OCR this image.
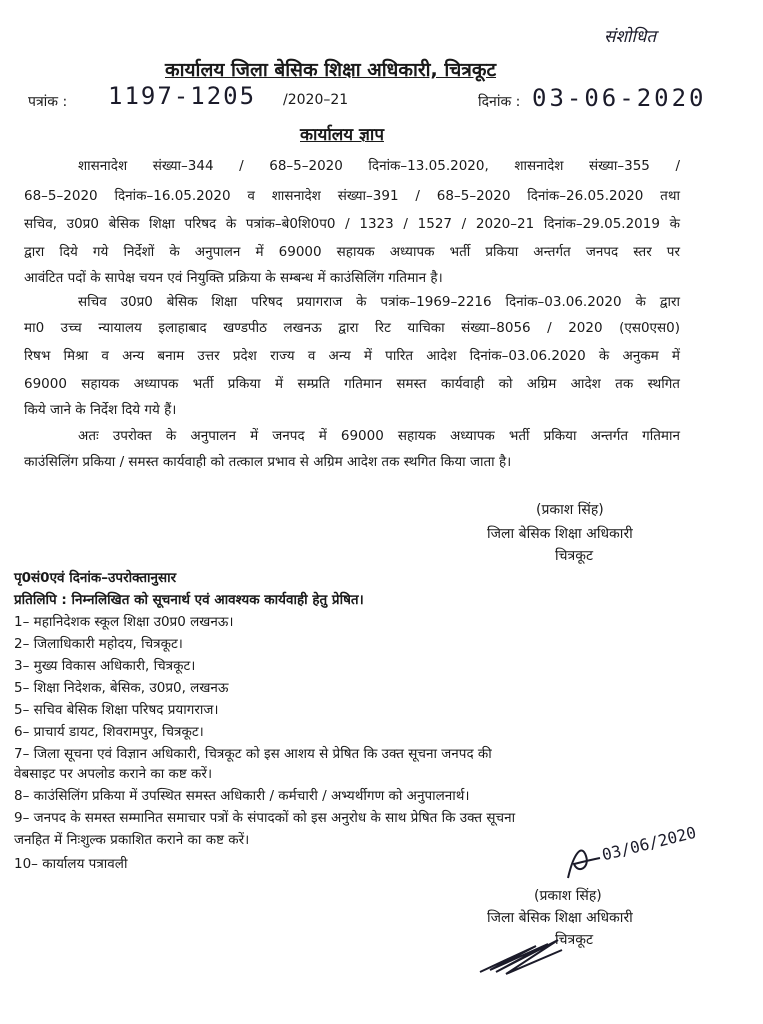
संशोधित
कार्यालय जिला बेसिक शिक्षा अधिकारी, चित्रकूट
पत्रांक : 1197-1205 /2020–21	दिनांक : 03-06-2020
कार्यालय ज्ञाप
शासनादेश संख्या–344 / 68–5–2020 दिनांक–13.05.2020, शासनादेश संख्या–355 /
68–5–2020 दिनांक–16.05.2020 व शासनादेश संख्या–391 / 68–5–2020 दिनांक–26.05.2020 तथा
सचिव, उ0प्र0 बेसिक शिक्षा परिषद के पत्रांक–बे0शि0प0 / 1323 / 1527 / 2020–21 दिनांक–29.05.2019 के
द्वारा दिये गये निर्देशों के अनुपालन में 69000 सहायक अध्यापक भर्ती प्रकिया अन्तर्गत जनपद स्तर पर
आवंटित पदों के सापेक्ष चयन एवं नियुक्ति प्रक्रिया के सम्बन्ध में काउंसिलिंग गतिमान है।
सचिव उ0प्र0 बेसिक शिक्षा परिषद प्रयागराज के पत्रांक–1969–2216 दिनांक–03.06.2020 के द्वारा
मा0 उच्च न्यायालय इलाहाबाद खण्डपीठ लखनऊ द्वारा रिट याचिका संख्या–8056 / 2020 (एस0एस0)
रिषभ मिश्रा व अन्य बनाम उत्तर प्रदेश राज्य व अन्य में पारित आदेश दिनांक–03.06.2020 के अनुकम में
69000 सहायक अध्यापक भर्ती प्रकिया में सम्प्रति गतिमान समस्त कार्यवाही को अग्रिम आदेश तक स्थगित
किये जाने के निर्देश दिये गये हैं।
अतः उपरोक्त के अनुपालन में जनपद में 69000 सहायक अध्यापक भर्ती प्रकिया अन्तर्गत गतिमान
काउंसिलिंग प्रकिया / समस्त कार्यवाही को तत्काल प्रभाव से अग्रिम आदेश तक स्थगित किया जाता है।
(प्रकाश सिंह)
जिला बेसिक शिक्षा अधिकारी
चित्रकूट
पृ0सं0एवं दिनांक–उपरोक्तानुसार
प्रतिलिपि : निम्नलिखित को सूचनार्थ एवं आवश्यक कार्यवाही हेतु प्रेषित।
1– महानिदेशक स्कूल शिक्षा उ0प्र0 लखनऊ।
2– जिलाधिकारी महोदय, चित्रकूट।
3– मुख्य विकास अधिकारी, चित्रकूट।
5– शिक्षा निदेशक, बेसिक, उ0प्र0, लखनऊ
5– सचिव बेसिक शिक्षा परिषद प्रयागराज।
6– प्राचार्य डायट, शिवरामपुर, चित्रकूट।
7– जिला सूचना एवं विज्ञान अधिकारी, चित्रकूट को इस आशय से प्रेषित कि उक्त सूचना जनपद की
वेबसाइट पर अपलोड कराने का कष्ट करें।
8– काउंसिलिंग प्रकिया में उपस्थित समस्त अधिकारी / कर्मचारी / अभ्यर्थीगण को अनुपालनार्थ।
9– जनपद के समस्त सम्मानित समाचार पत्रों के संपादकों को इस अनुरोध के साथ प्रेषित कि उक्त सूचना
जनहित में निःशुल्क प्रकाशित कराने का कष्ट करें।
10– कार्यालय पत्रावली	03/06/2020
(प्रकाश सिंह)
जिला बेसिक शिक्षा अधिकारी
चित्रकूट
